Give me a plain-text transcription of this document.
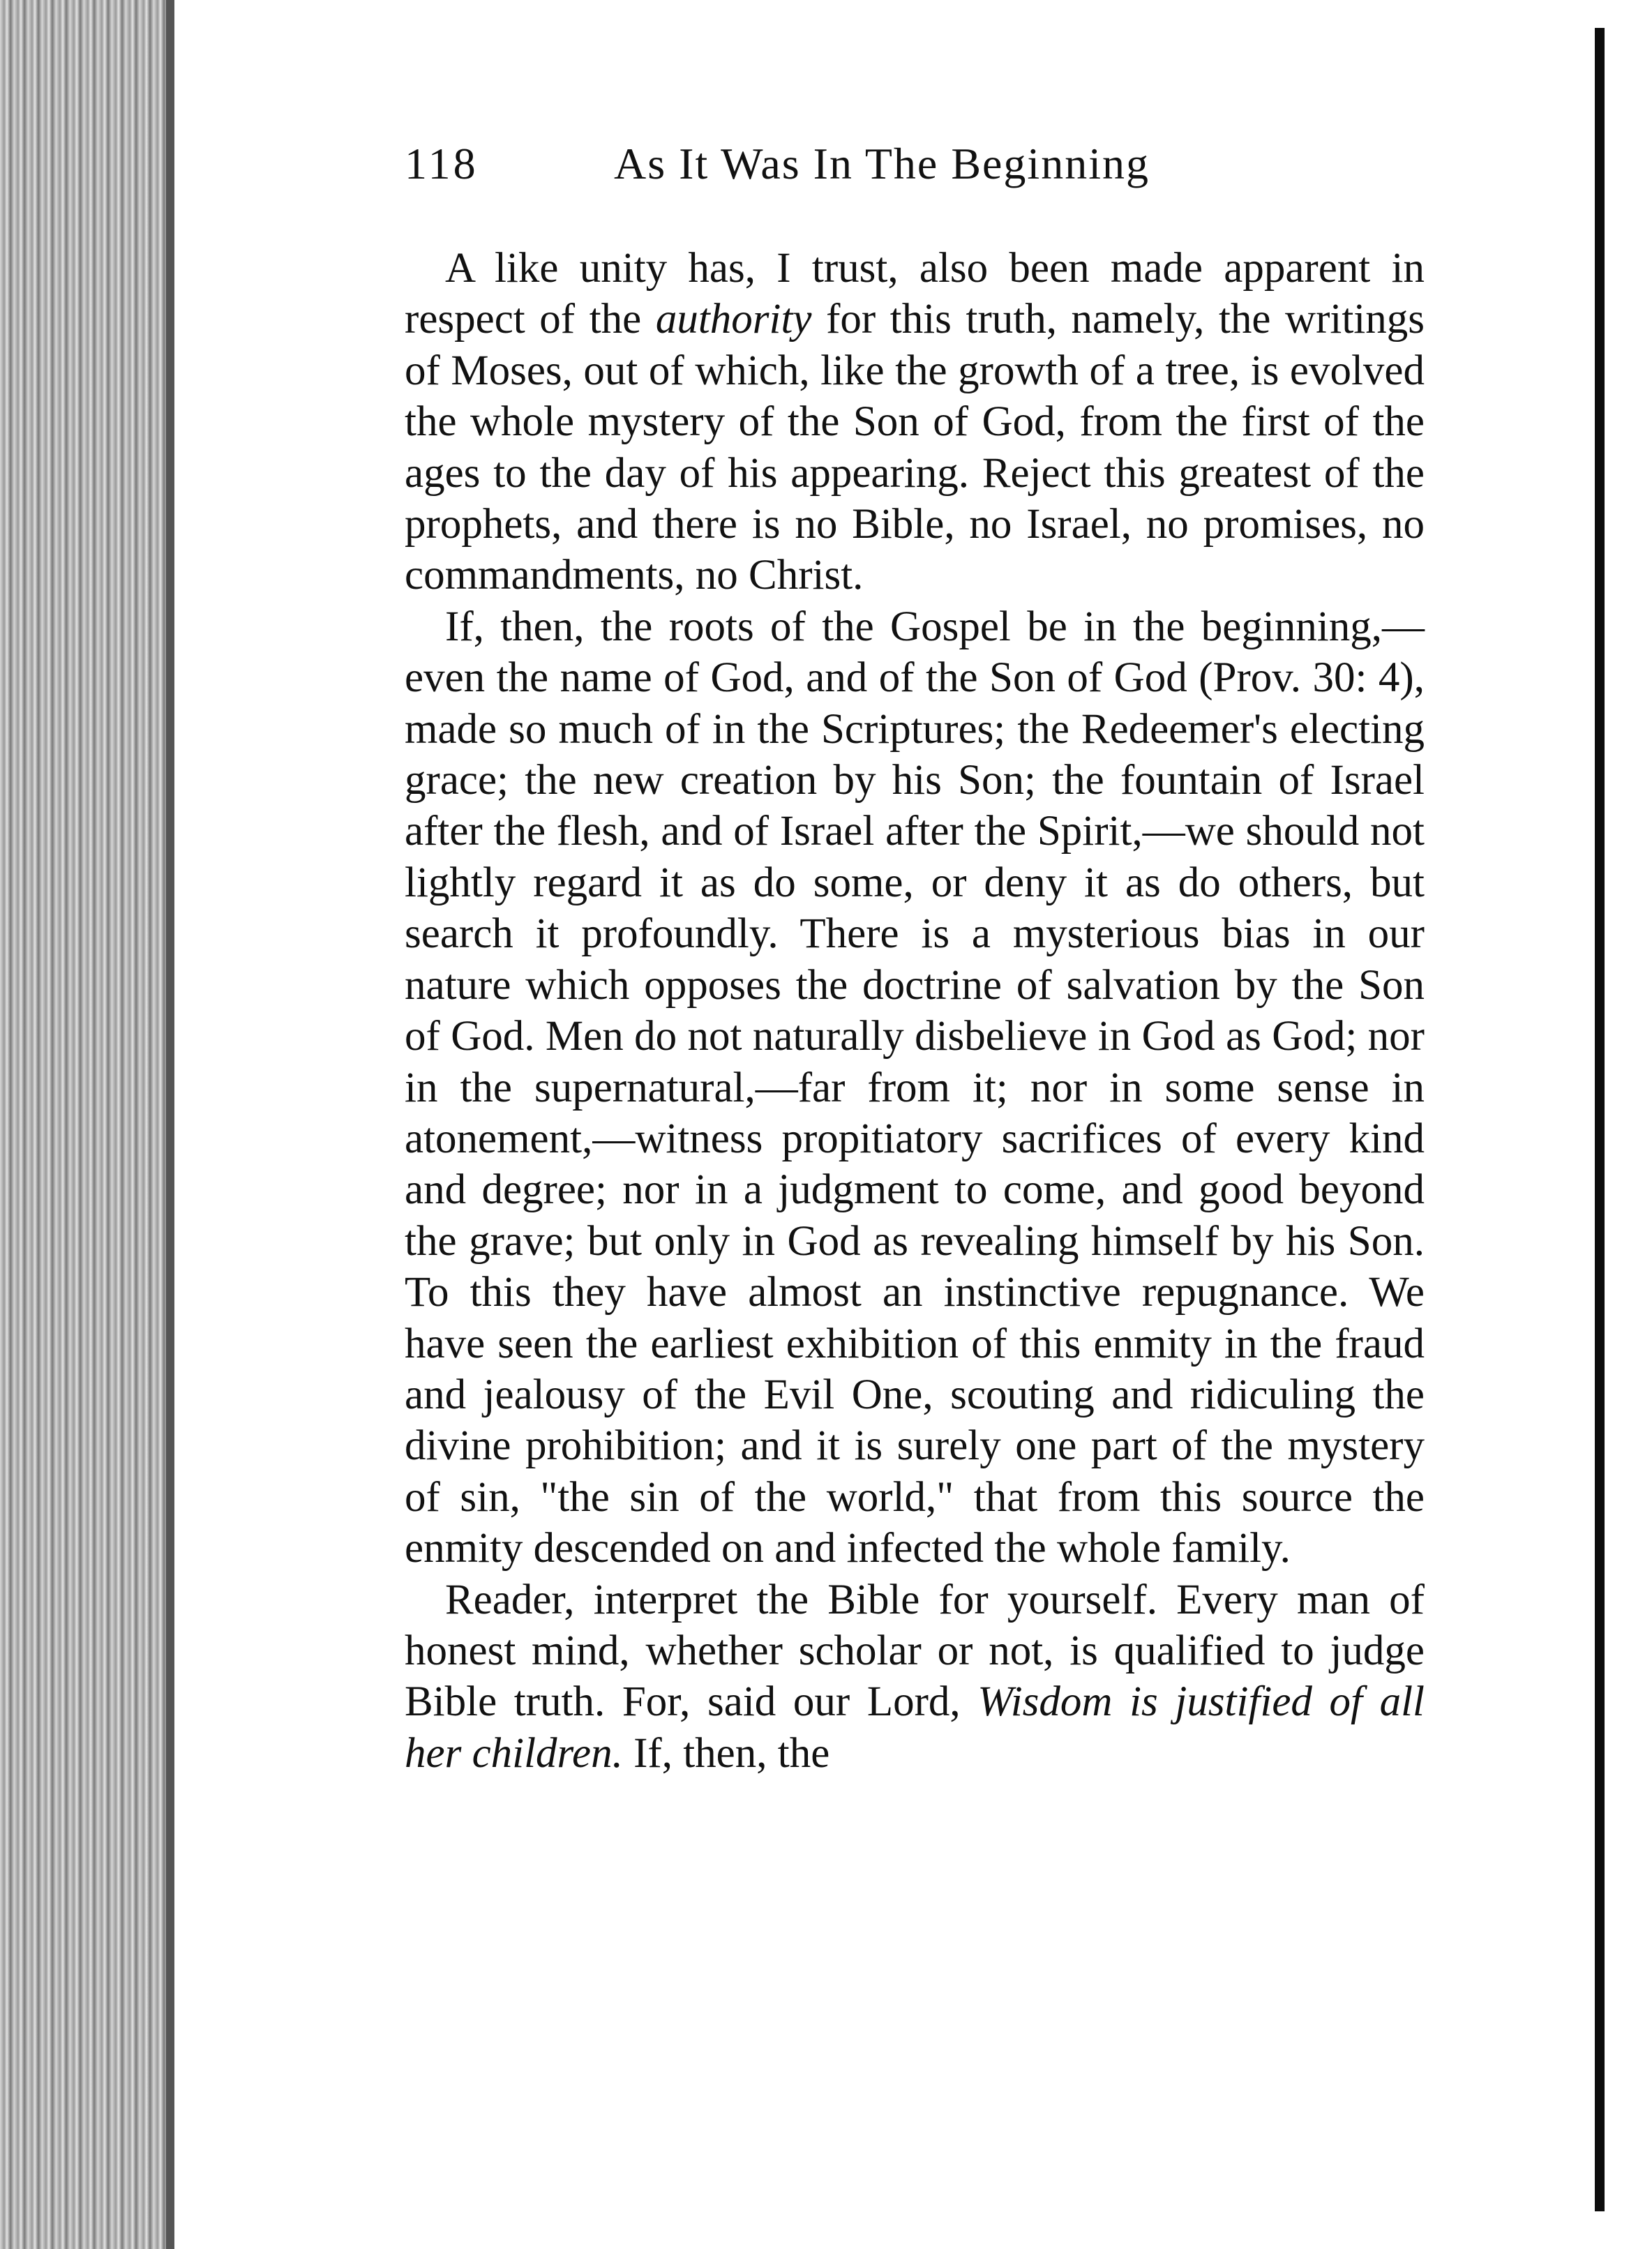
118	As It Was In The Beginning

A like unity has, I trust, also been made apparent in respect of the authority for this truth, namely, the writings of Moses, out of which, like the growth of a tree, is evolved the whole mystery of the Son of God, from the first of the ages to the day of his appearing. Reject this greatest of the prophets, and there is no Bible, no Israel, no promises, no commandments, no Christ.

If, then, the roots of the Gospel be in the beginning,—even the name of God, and of the Son of God (Prov. 30: 4), made so much of in the Scriptures; the Redeemer's electing grace; the new creation by his Son; the fountain of Israel after the flesh, and of Israel after the Spirit,—we should not lightly regard it as do some, or deny it as do others, but search it profoundly. There is a mysterious bias in our nature which opposes the doctrine of salvation by the Son of God. Men do not naturally disbelieve in God as God; nor in the supernatural,—far from it; nor in some sense in atonement,—witness propitiatory sacrifices of every kind and degree; nor in a judgment to come, and good beyond the grave; but only in God as revealing himself by his Son. To this they have almost an instinctive repugnance. We have seen the earliest exhibition of this enmity in the fraud and jealousy of the Evil One, scouting and ridiculing the divine prohibition; and it is surely one part of the mystery of sin, "the sin of the world," that from this source the enmity descended on and infected the whole family.

Reader, interpret the Bible for yourself. Every man of honest mind, whether scholar or not, is qualified to judge Bible truth. For, said our Lord, Wisdom is justified of all her children. If, then, the
